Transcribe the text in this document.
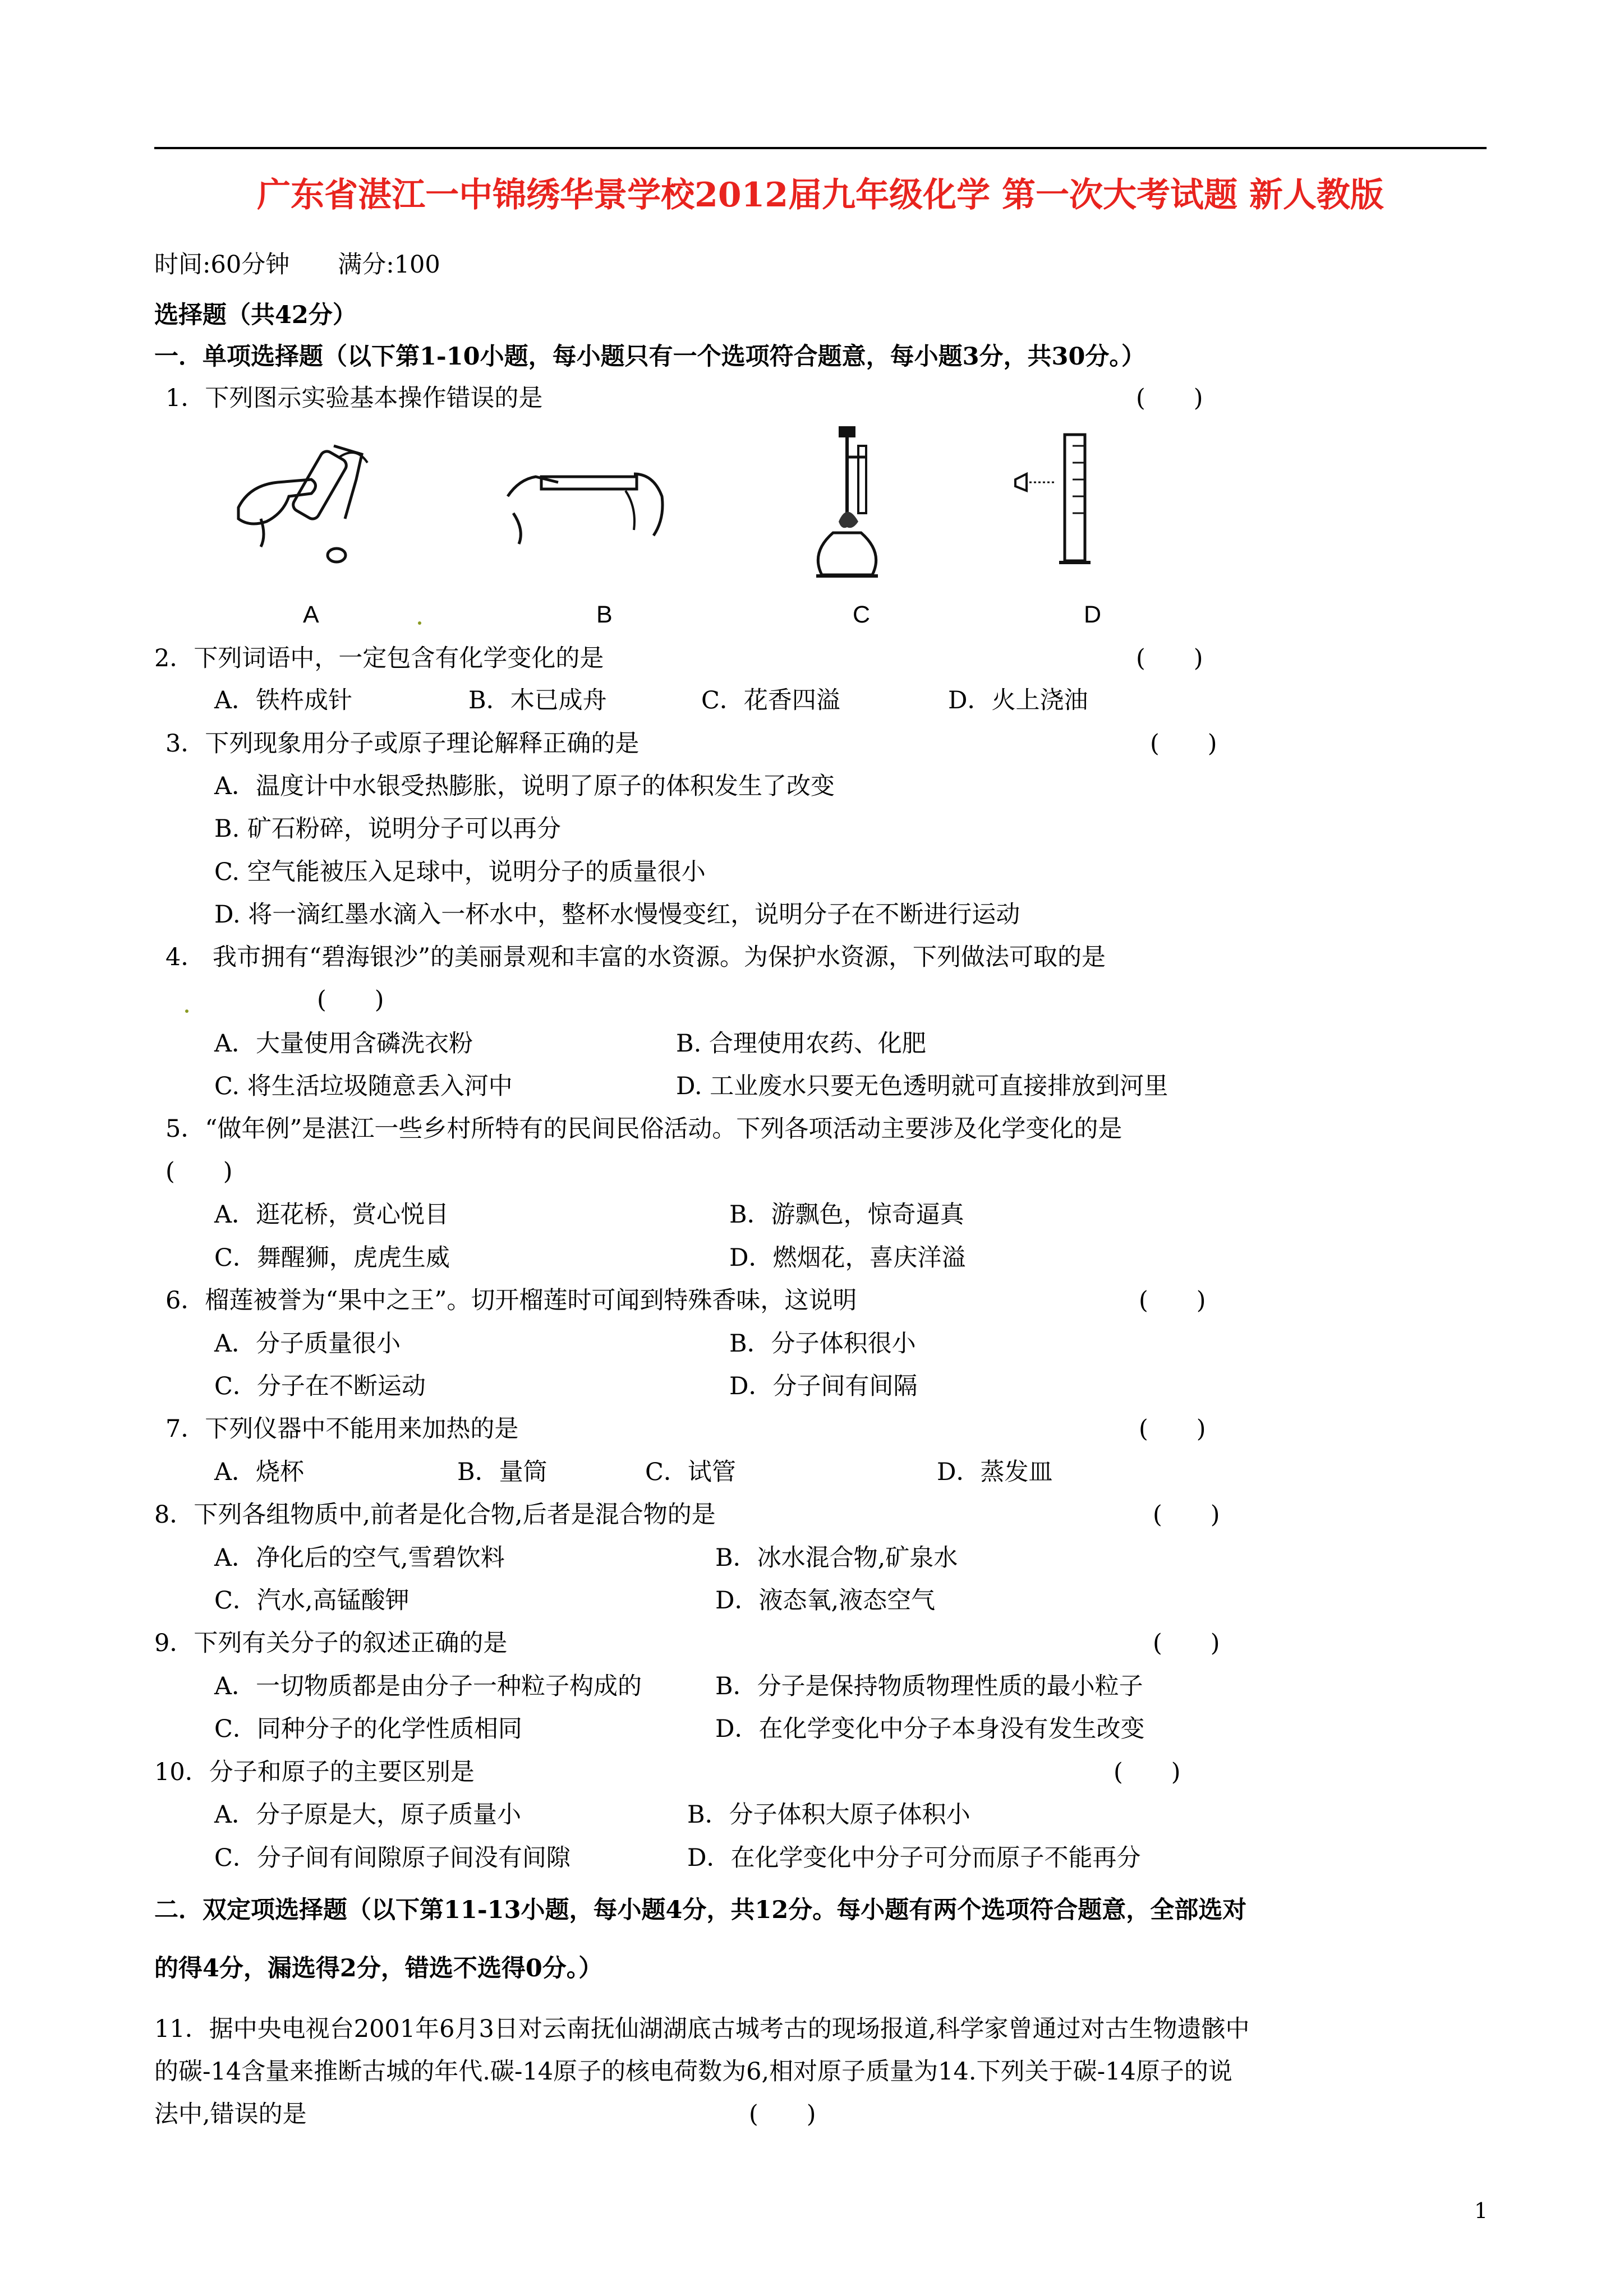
广东省湛江一中锦绣华景学校2012届九年级化学 第一次大考试题 新人教版
时间:60分钟　　满分:100
选择题（共42分）
一．单项选择题（以下第1-10小题，每小题只有一个选项符合题意，每小题3分，共30分。）
1．下列图示实验基本操作错误的是	(　　)
A	B	C	D
2．下列词语中，一定包含有化学变化的是	(　　)
A．铁杵成针	B．木已成舟	C．花香四溢	D．火上浇油
3．下列现象用分子或原子理论解释正确的是	(　　)
A．温度计中水银受热膨胀，说明了原子的体积发生了改变
B. 矿石粉碎，说明分子可以再分
C. 空气能被压入足球中，说明分子的质量很小
D. 将一滴红墨水滴入一杯水中，整杯水慢慢变红，说明分子在不断进行运动
4． 我市拥有“碧海银沙”的美丽景观和丰富的水资源。为保护水资源，下列做法可取的是
(　　)
A．大量使用含磷洗衣粉	B. 合理使用农药、化肥
C. 将生活垃圾随意丢入河中	D. 工业废水只要无色透明就可直接排放到河里
5．“做年例”是湛江一些乡村所特有的民间民俗活动。下列各项活动主要涉及化学变化的是
(　　)
A．逛花桥，赏心悦目	B．游飘色，惊奇逼真
C．舞醒狮，虎虎生威	D．燃烟花，喜庆洋溢
6．榴莲被誉为“果中之王”。切开榴莲时可闻到特殊香味，这说明	(　　)
A．分子质量很小	B．分子体积很小
C．分子在不断运动	D．分子间有间隔
7．下列仪器中不能用来加热的是	(　　)
A．烧杯	B．量筒	C．试管	D．蒸发皿
8．下列各组物质中,前者是化合物,后者是混合物的是	(　　)
A．净化后的空气,雪碧饮料	B．冰水混合物,矿泉水
C．汽水,高锰酸钾	D．液态氧,液态空气
9．下列有关分子的叙述正确的是	(　　)
A．一切物质都是由分子一种粒子构成的	B．分子是保持物质物理性质的最小粒子
C．同种分子的化学性质相同	D．在化学变化中分子本身没有发生改变
10．分子和原子的主要区别是	(　　)
A．分子原是大，原子质量小	B．分子体积大原子体积小
C．分子间有间隙原子间没有间隙	D．在化学变化中分子可分而原子不能再分
二．双定项选择题（以下第11-13小题，每小题4分，共12分。每小题有两个选项符合题意，全部选对
的得4分，漏选得2分，错选不选得0分。）
11．据中央电视台2001年6月3日对云南抚仙湖湖底古城考古的现场报道,科学家曾通过对古生物遗骸中
的碳-14含量来推断古城的年代.碳-14原子的核电荷数为6,相对原子质量为14.下列关于碳-14原子的说
法中,错误的是	(　　)
1
